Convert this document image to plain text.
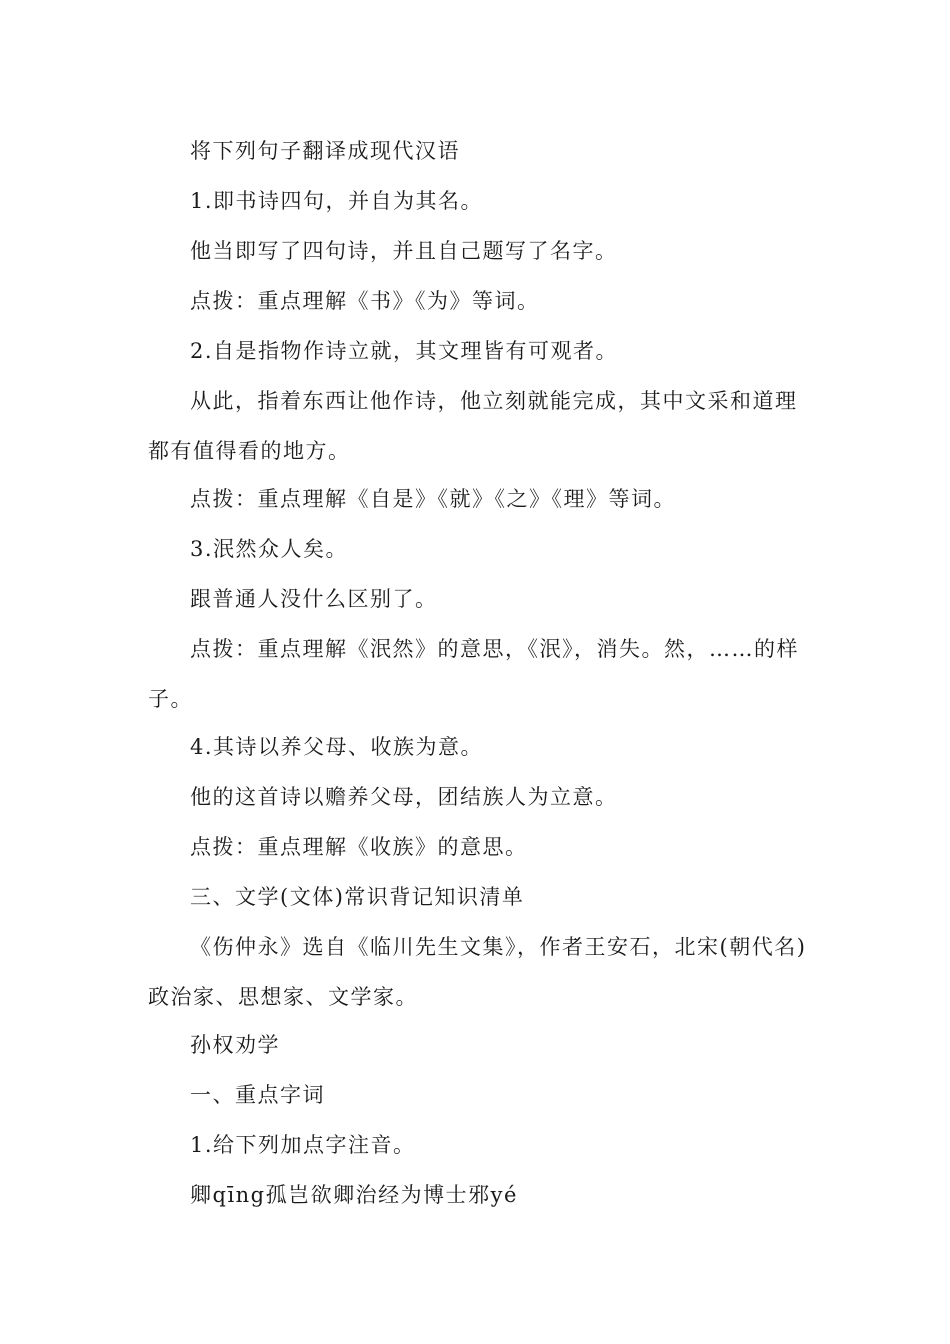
将下列句子翻译成现代汉语

1.即书诗四句，并自为其名。

他当即写了四句诗，并且自己题写了名字。

点拨：重点理解《书》《为》等词。

2.自是指物作诗立就，其文理皆有可观者。

从此，指着东西让他作诗，他立刻就能完成，其中文采和道理都有值得看的地方。

点拨：重点理解《自是》《就》《之》《理》等词。

3.泯然众人矣。

跟普通人没什么区别了。

点拨：重点理解《泯然》的意思，《泯》，消失。然，……的样子。

4.其诗以养父母、收族为意。

他的这首诗以赡养父母，团结族人为立意。

点拨：重点理解《收族》的意思。

三、文学(文体)常识背记知识清单

《伤仲永》选自《临川先生文集》，作者王安石，北宋(朝代名)政治家、思想家、文学家。

孙权劝学

一、重点字词

1.给下列加点字注音。

卿qīng孤岂欲卿治经为博士邪yé
